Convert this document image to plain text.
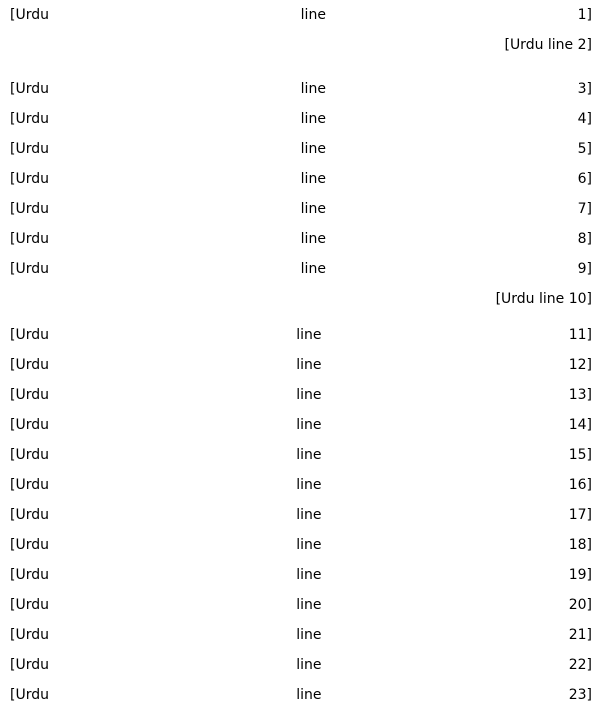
[Urdu line 1]
[Urdu line 2]
[Urdu line 3]
[Urdu line 4]
[Urdu line 5]
[Urdu line 6]
[Urdu line 7]
[Urdu line 8]
[Urdu line 9]
[Urdu line 10]
[Urdu line 11]
[Urdu line 12]
[Urdu line 13]
[Urdu line 14]
[Urdu line 15]
[Urdu line 16]
[Urdu line 17]
[Urdu line 18]
[Urdu line 19]
[Urdu line 20]
[Urdu line 21]
[Urdu line 22]
[Urdu line 23]
